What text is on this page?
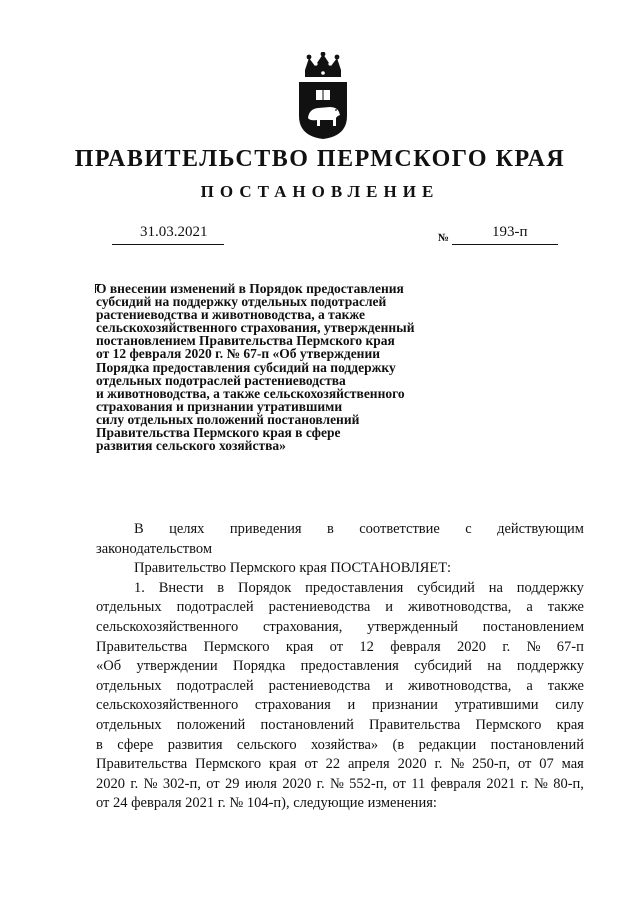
ПРАВИТЕЛЬСТВО ПЕРМСКОГО КРАЯ
ПОСТАНОВЛЕНИЕ
31.03.2021	№	193-п
О внесении изменений в Порядок предоставления
субсидий на поддержку отдельных подотраслей
растениеводства и животноводства, а также
сельскохозяйственного страхования, утвержденный
постановлением Правительства Пермского края
от 12 февраля 2020 г. № 67-п «Об утверждении
Порядка предоставления субсидий на поддержку
отдельных подотраслей растениеводства
и животноводства, а также сельскохозяйственного
страхования и признании утратившими
силу отдельных положений постановлений
Правительства Пермского края в сфере
развития сельского хозяйства»
В целях приведения в соответствие с действующим
законодательством
Правительство Пермского края ПОСТАНОВЛЯЕТ:
1. Внести в Порядок предоставления субсидий на поддержку
отдельных подотраслей растениеводства и животноводства, а также
сельскохозяйственного страхования, утвержденный постановлением
Правительства Пермского края от 12 февраля 2020 г. № 67-п
«Об утверждении Порядка предоставления субсидий на поддержку
отдельных подотраслей растениеводства и животноводства, а также
сельскохозяйственного страхования и признании утратившими силу
отдельных положений постановлений Правительства Пермского края
в сфере развития сельского хозяйства» (в редакции постановлений
Правительства Пермского края от 22 апреля 2020 г. № 250-п, от 07 мая
2020 г. № 302-п, от 29 июля 2020 г. № 552-п, от 11 февраля 2021 г. № 80-п,
от 24 февраля 2021 г. № 104-п), следующие изменения:
